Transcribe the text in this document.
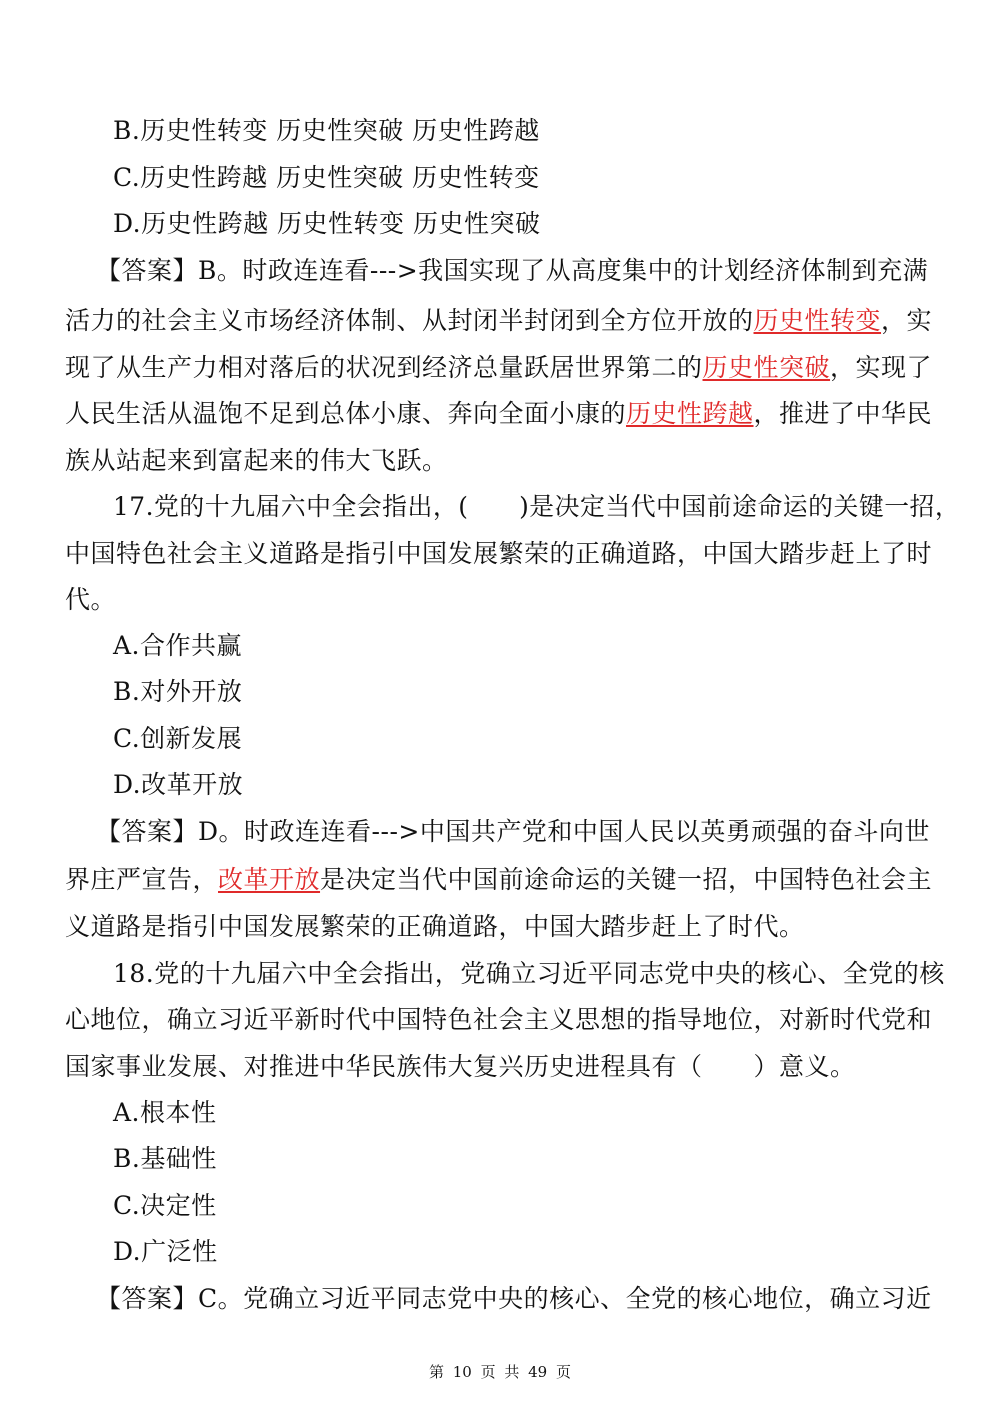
B.历史性转变 历史性突破 历史性跨越
C.历史性跨越 历史性突破 历史性转变
D.历史性跨越 历史性转变 历史性突破
【答案】B。时政连连看--->我国实现了从高度集中的计划经济体制到充满
活力的社会主义市场经济体制、从封闭半封闭到全方位开放的历史性转变，实
现了从生产力相对落后的状况到经济总量跃居世界第二的历史性突破，实现了
人民生活从温饱不足到总体小康、奔向全面小康的历史性跨越，推进了中华民
族从站起来到富起来的伟大飞跃。
17.党的十九届六中全会指出，(　　)是决定当代中国前途命运的关键一招，
中国特色社会主义道路是指引中国发展繁荣的正确道路，中国大踏步赶上了时
代。
A.合作共赢
B.对外开放
C.创新发展
D.改革开放
【答案】D。时政连连看--->中国共产党和中国人民以英勇顽强的奋斗向世
界庄严宣告，改革开放是决定当代中国前途命运的关键一招，中国特色社会主
义道路是指引中国发展繁荣的正确道路，中国大踏步赶上了时代。
18.党的十九届六中全会指出，党确立习近平同志党中央的核心、全党的核
心地位，确立习近平新时代中国特色社会主义思想的指导地位，对新时代党和
国家事业发展、对推进中华民族伟大复兴历史进程具有（　　）意义。
A.根本性
B.基础性
C.决定性
D.广泛性
【答案】C。党确立习近平同志党中央的核心、全党的核心地位，确立习近
第 10 页 共 49 页
